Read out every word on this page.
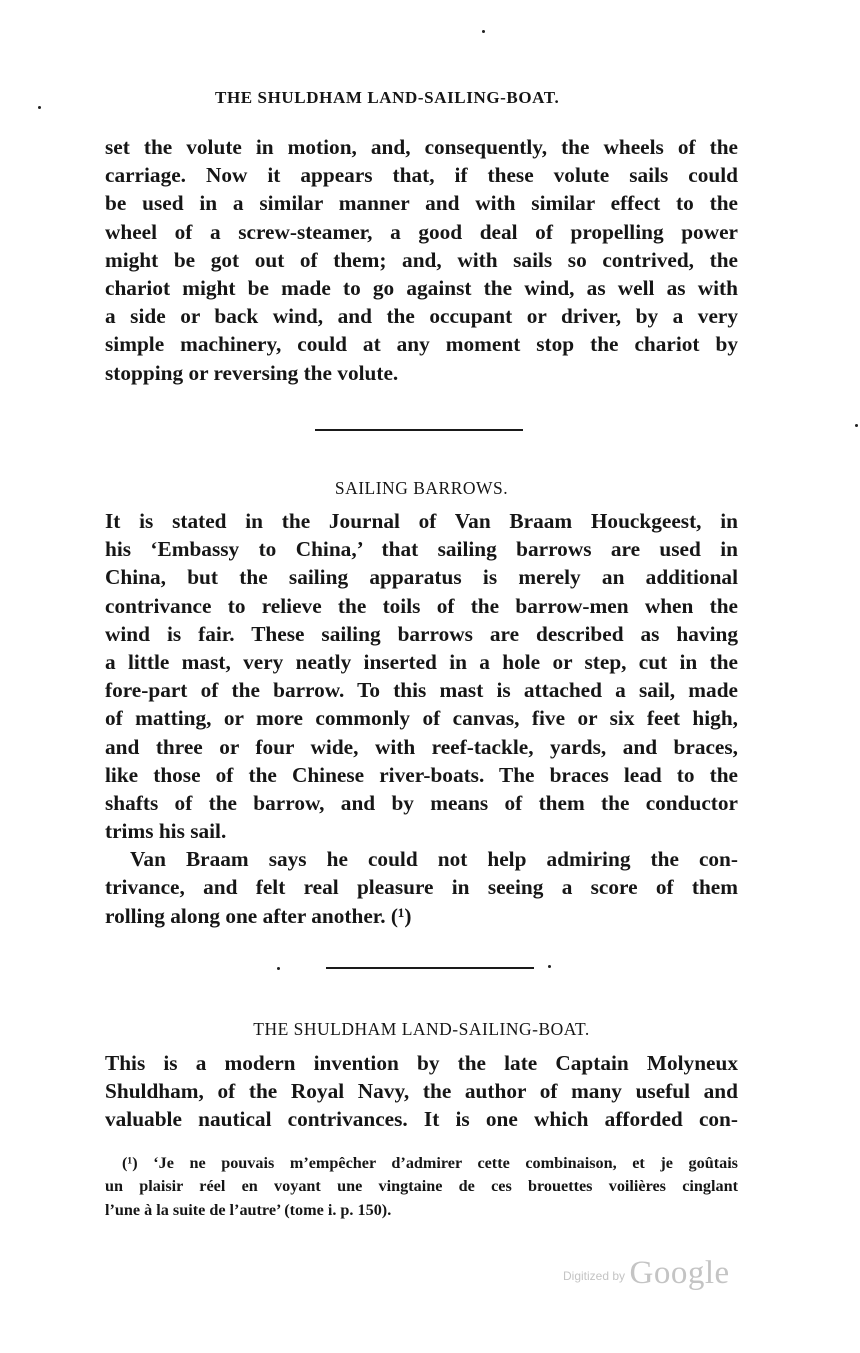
THE SHULDHAM LAND-SAILING-BOAT.
set the volute in motion, and, consequently, the wheels of the
carriage. Now it appears that, if these volute sails could
be used in a similar manner and with similar effect to the
wheel of a screw-steamer, a good deal of propelling power
might be got out of them; and, with sails so contrived, the
chariot might be made to go against the wind, as well as with
a side or back wind, and the occupant or driver, by a very
simple machinery, could at any moment stop the chariot by
stopping or reversing the volute.
SAILING BARROWS.
It is stated in the Journal of Van Braam Houckgeest, in
his ‘Embassy to China,’ that sailing barrows are used in
China, but the sailing apparatus is merely an additional
contrivance to relieve the toils of the barrow-men when the
wind is fair. These sailing barrows are described as having
a little mast, very neatly inserted in a hole or step, cut in the
fore-part of the barrow. To this mast is attached a sail, made
of matting, or more commonly of canvas, five or six feet high,
and three or four wide, with reef-tackle, yards, and braces,
like those of the Chinese river-boats. The braces lead to the
shafts of the barrow, and by means of them the conductor
trims his sail.
Van Braam says he could not help admiring the con-
trivance, and felt real pleasure in seeing a score of them
rolling along one after another. (¹)
THE SHULDHAM LAND-SAILING-BOAT.
This is a modern invention by the late Captain Molyneux
Shuldham, of the Royal Navy, the author of many useful and
valuable nautical contrivances. It is one which afforded con-
(¹) ‘Je ne pouvais m’empêcher d’admirer cette combinaison, et je goûtais
un plaisir réel en voyant une vingtaine de ces brouettes voilières cinglant
l’une à la suite de l’autre’ (tome i. p. 150).
Digitized by Google
